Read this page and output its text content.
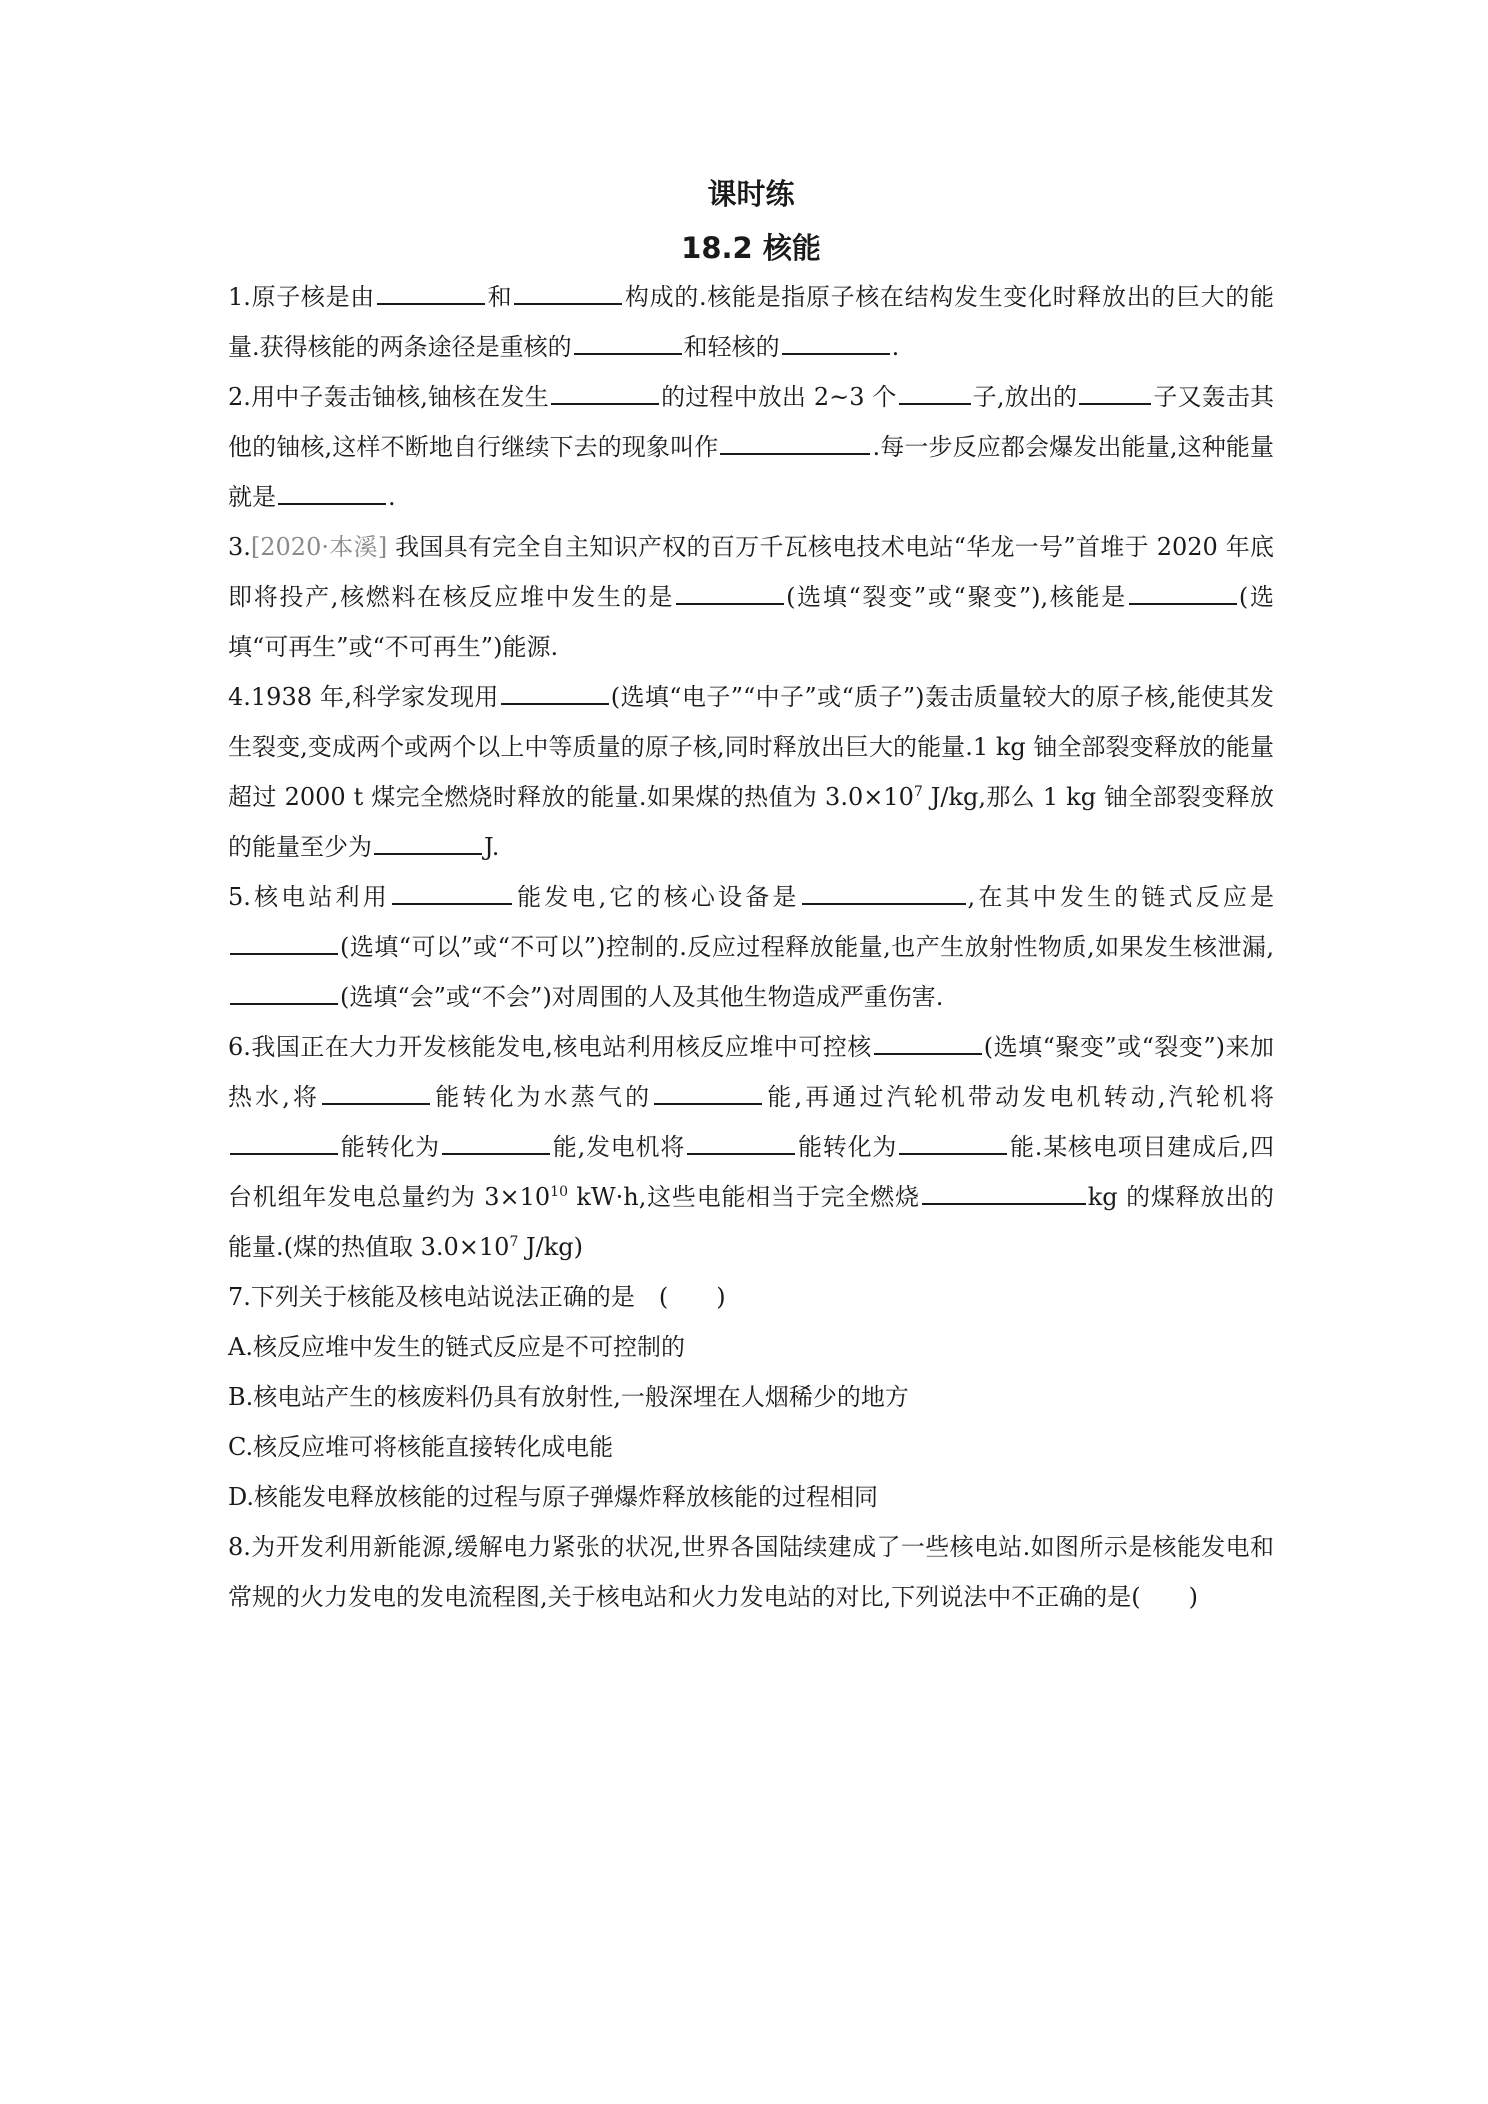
课时练
18.2 核能

1.原子核是由	和	构成的.核能是指原子核在结构发生变化时释放出的巨大的能量.获得核能的两条途径是重核的	和轻核的	.

2.用中子轰击铀核,铀核在发生	的过程中放出 2~3 个	子,放出的	子又轰击其他的铀核,这样不断地自行继续下去的现象叫作	.每一步反应都会爆发出能量,这种能量就是	.

3.[2020·本溪] 我国具有完全自主知识产权的百万千瓦核电技术电站“华龙一号”首堆于 2020 年底即将投产,核燃料在核反应堆中发生的是	(选填“裂变”或“聚变”),核能是	(选填“可再生”或“不可再生”)能源.

4.1938 年,科学家发现用	(选填“电子”“中子”或“质子”)轰击质量较大的原子核,能使其发生裂变,变成两个或两个以上中等质量的原子核,同时释放出巨大的能量.1 kg 铀全部裂变释放的能量超过 2000 t 煤完全燃烧时释放的能量.如果煤的热值为 $3.0\times 10^7$ J/kg,那么 1 kg 铀全部裂变释放的能量至少为	J.

5.核电站利用	能发电,它的核心设备是	,在其中发生的链式反应是(选填“可以”或“不可以”)控制的.反应过程释放能量,也产生放射性物质,如果发生核泄漏,(选填“会”或“不会”)对周围的人及其他生物造成严重伤害.

6.我国正在大力开发核能发电,核电站利用核反应堆中可控核	(选填“聚变”或“裂变”)来加热水,将	能转化为水蒸气的	能,再通过汽轮机带动发电机转动,汽轮机将能转化为	能,发电机将	能转化为	能.某核电项目建成后,四台机组年发电总量约为 $3\times 10^{10}$ kW·h,这些电能相当于完全燃烧	kg 的煤释放出的能量.(煤的热值取 $3.0\times 10^7$ J/kg)

7.下列关于核能及核电站说法正确的是　(　　)

A.核反应堆中发生的链式反应是不可控制的

B.核电站产生的核废料仍具有放射性,一般深埋在人烟稀少的地方

C.核反应堆可将核能直接转化成电能

D.核能发电释放核能的过程与原子弹爆炸释放核能的过程相同

8.为开发利用新能源,缓解电力紧张的状况,世界各国陆续建成了一些核电站.如图所示是核能发电和常规的火力发电的发电流程图,关于核电站和火力发电站的对比,下列说法中不正确的是(　　)
